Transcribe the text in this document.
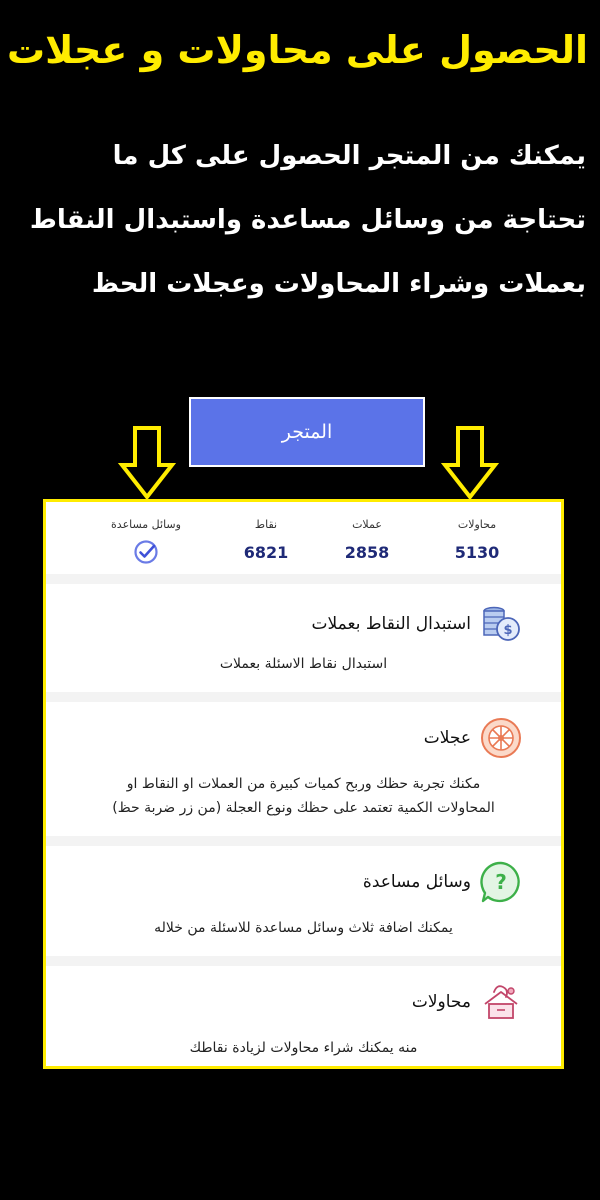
الحصول على محاولات و عجلات
يمكنك من المتجر الحصول على كل ما
تحتاجة من وسائل مساعدة واستبدال النقاط
بعملات وشراء المحاولات وعجلات الحظ
المتجر
محاولات
5130
عملات
2858
نقاط
6821
وسائل مساعدة
$
استبدال النقاط بعملات

استبدال نقاط الاسئلة بعملات

عجلات

مكنك تجربة حظك وربح كميات كبيرة من العملات او النقاط او
المحاولات الكمية تعتمد على حظك ونوع العجلة (من زر ضربة حظ)

?
وسائل مساعدة

يمكنك اضافة ثلاث وسائل مساعدة للاسئلة من خلاله

محاولات

منه يمكنك شراء محاولات لزيادة نقاطك
